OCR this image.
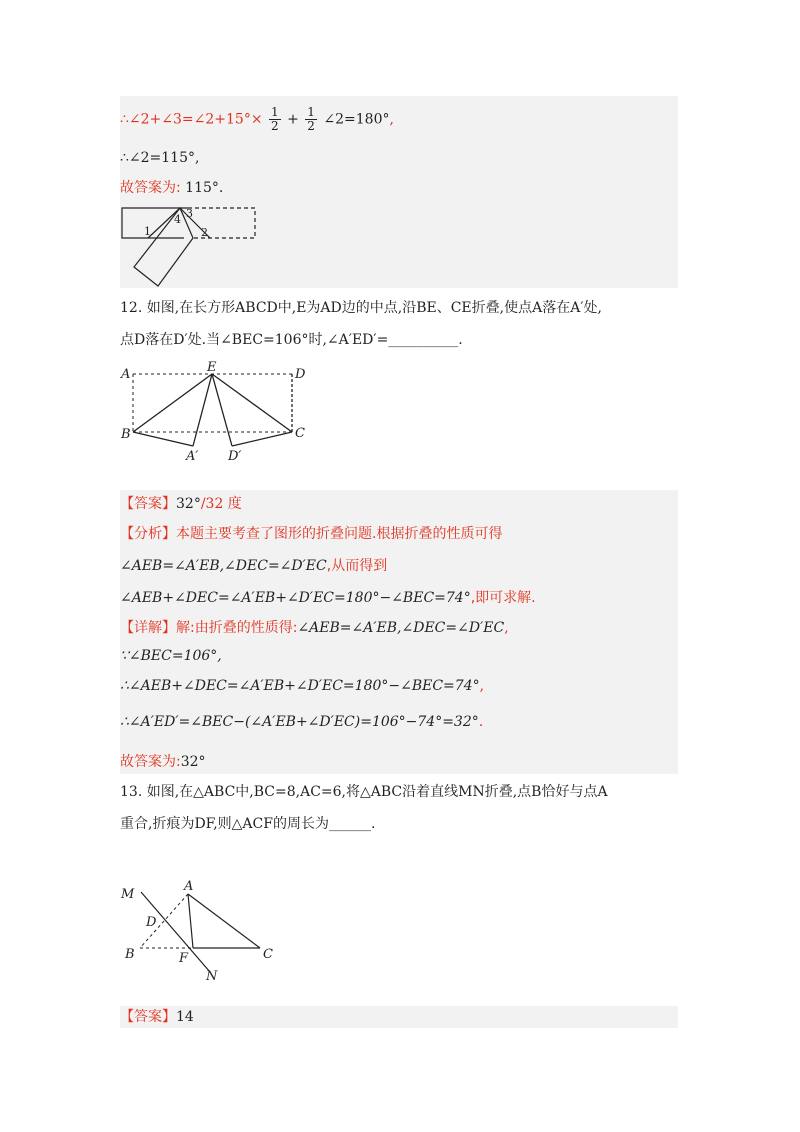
∴∠2+∠3=∠2+15°× $\frac{1}{2} + \frac{1}{2}$ ∠2=180°,
∴∠2=115°,
故答案为: 115°.
1
4 3
2
12. 如图,在长方形ABCD中,E为AD边的中点,沿BE、CE折叠,使点A落在A′处,
点D落在D′处.当∠BEC=106°时,∠A′ED′=__________.
A	E	D
B	C
A′ D′
【答案】32°/32 度
【分析】本题主要考查了图形的折叠问题.根据折叠的性质可得
∠AEB=∠A′EB,∠DEC=∠D′EC,从而得到
∠AEB+∠DEC=∠A′EB+∠D′EC=180°−∠BEC=74°,即可求解.
【详解】解:由折叠的性质得:∠AEB=∠A′EB,∠DEC=∠D′EC,
∵∠BEC=106°,
∴∠AEB+∠DEC=∠A′EB+∠D′EC=180°−∠BEC=74°,
∴∠A′ED′=∠BEC−(∠A′EB+∠D′EC)=106°−74°=32°.
故答案为:32°
13. 如图,在△ABC中,BC=8,AC=6,将△ABC沿着直线MN折叠,点B恰好与点A
重合,折痕为DF,则△ACF的周长为______.
M
A
D
B	F	C
N
【答案】14
